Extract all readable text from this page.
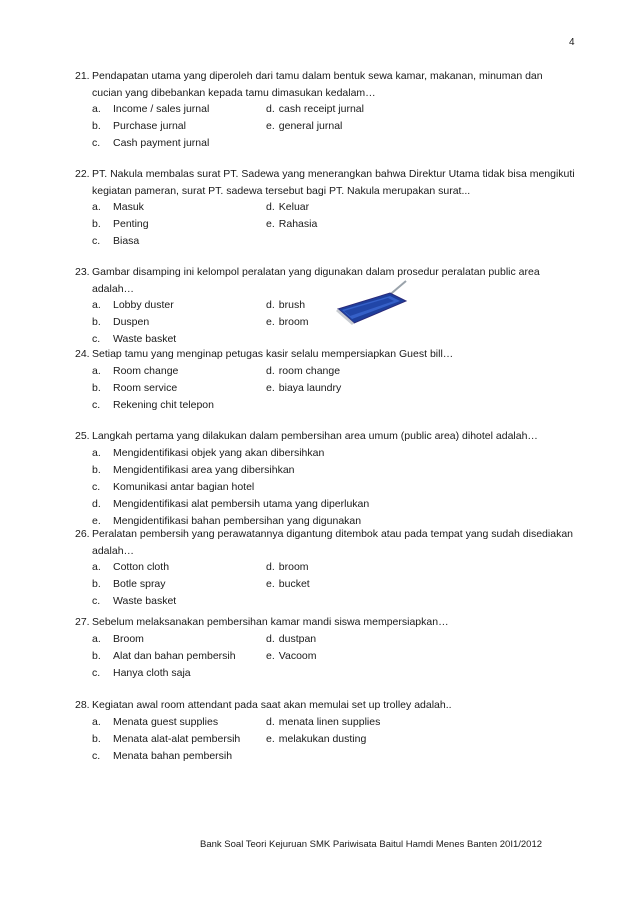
4
21. Pendapatan utama yang diperoleh dari tamu dalam bentuk sewa kamar, makanan, minuman dan cucian yang dibebankan kepada tamu dimasukan kedalam…
a.	Income / sales jurnal	d. cash receipt jurnal
b.	Purchase jurnal	e. general jurnal
c.	Cash payment jurnal
22. PT. Nakula membalas surat PT. Sadewa yang menerangkan bahwa Direktur Utama tidak bisa mengikuti kegiatan pameran, surat PT. sadewa tersebut bagi PT. Nakula merupakan surat...
a.	Masuk	d. Keluar
b.	Penting	e. Rahasia
c.	Biasa
23. Gambar disamping ini kelompol peralatan yang digunakan dalam prosedur peralatan public area adalah…
a.	Lobby duster	d. brush
b.	Duspen	e. broom
c.	Waste basket
24. Setiap tamu yang menginap petugas kasir selalu mempersiapkan Guest bill…
a.	Room change	d. room change
b.	Room service	e. biaya laundry
c.	Rekening chit telepon
25. Langkah pertama yang dilakukan dalam pembersihan area umum (public area) dihotel adalah…
a.	Mengidentifikasi objek yang akan dibersihkan
b.	Mengidentifikasi area yang dibersihkan
c.	Komunikasi antar bagian hotel
d.	Mengidentifikasi alat pembersih utama yang diperlukan
e.	Mengidentifikasi bahan pembersihan yang digunakan
26. Peralatan pembersih yang perawatannya digantung ditembok atau pada tempat yang sudah disediakan adalah…
a.	Cotton cloth	d. broom
b.	Botle spray	e. bucket
c.	Waste basket
27. Sebelum melaksanakan pembersihan kamar mandi siswa mempersiapkan…
a.	Broom	d. dustpan
b.	Alat dan bahan pembersih	e. Vacoom
c.	Hanya cloth saja
28. Kegiatan awal room attendant pada saat akan memulai set up trolley adalah..
a.	Menata guest supplies	d. menata linen supplies
b.	Menata alat-alat pembersih e. melakukan dusting
c.	Menata bahan pembersih
Bank Soal Teori Kejuruan SMK Pariwisata Baitul Hamdi Menes Banten 20I1/2012
